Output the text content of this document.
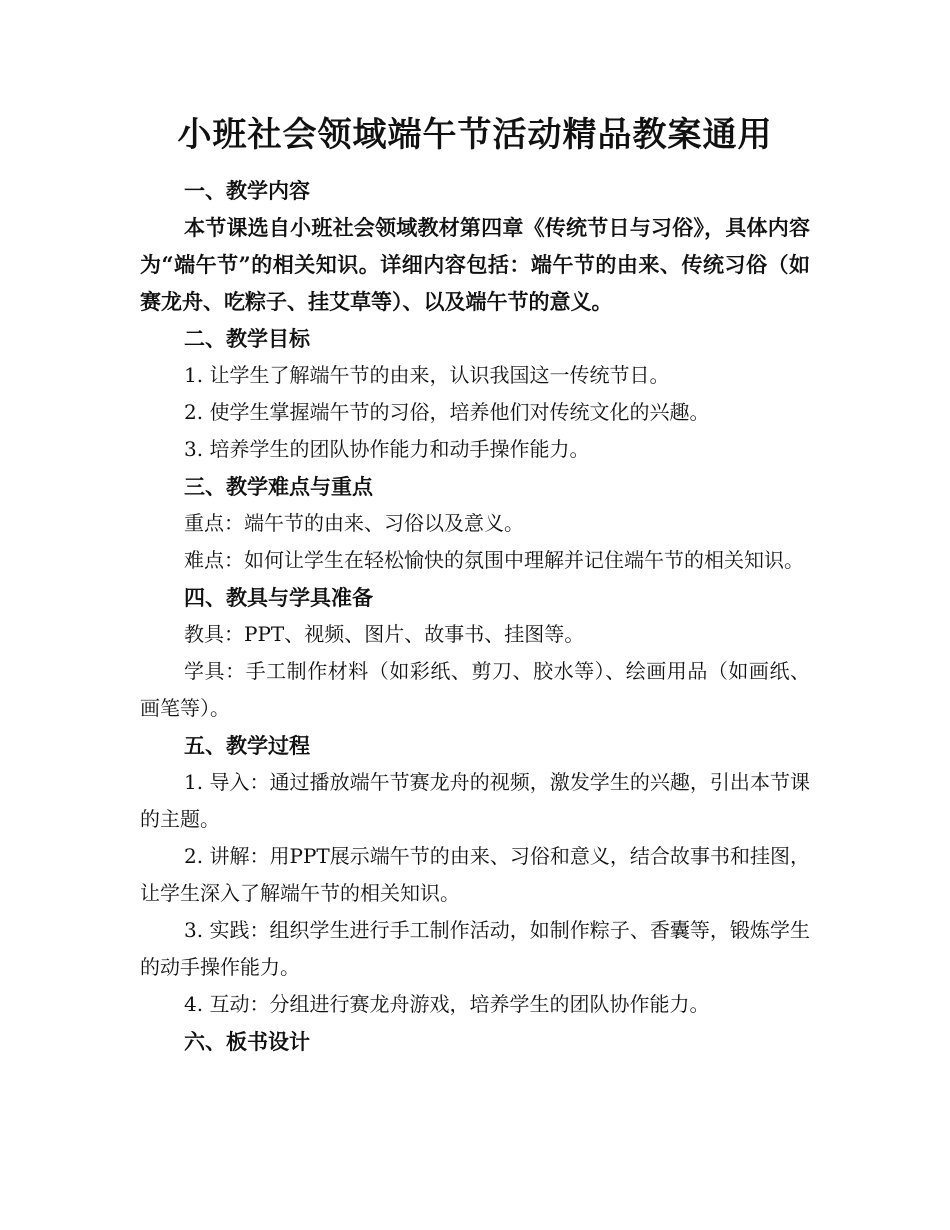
小班社会领域端午节活动精品教案通用

一、教学内容

本节课选自小班社会领域教材第四章《传统节日与习俗》，具体内容为“端午节”的相关知识。详细内容包括：端午节的由来、传统习俗（如赛龙舟、吃粽子、挂艾草等）、以及端午节的意义。

二、教学目标

1. 让学生了解端午节的由来，认识我国这一传统节日。

2. 使学生掌握端午节的习俗，培养他们对传统文化的兴趣。

3. 培养学生的团队协作能力和动手操作能力。

三、教学难点与重点

重点：端午节的由来、习俗以及意义。

难点：如何让学生在轻松愉快的氛围中理解并记住端午节的相关知识。

四、教具与学具准备

教具：PPT、视频、图片、故事书、挂图等。

学具：手工制作材料（如彩纸、剪刀、胶水等）、绘画用品（如画纸、画笔等）。

五、教学过程

1. 导入：通过播放端午节赛龙舟的视频，激发学生的兴趣，引出本节课的主题。

2. 讲解：用PPT展示端午节的由来、习俗和意义，结合故事书和挂图，让学生深入了解端午节的相关知识。

3. 实践：组织学生进行手工制作活动，如制作粽子、香囊等，锻炼学生的动手操作能力。

4. 互动：分组进行赛龙舟游戏，培养学生的团队协作能力。

六、板书设计
